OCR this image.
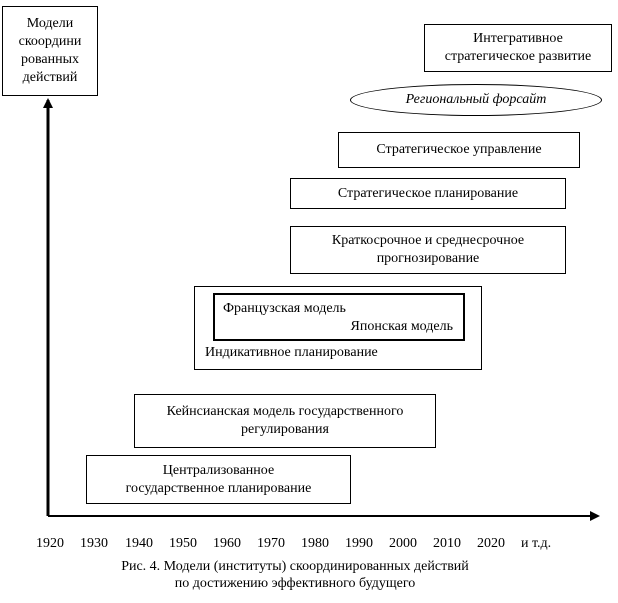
Модели
скоордини
рованных
действий
Интегративное
стратегическое развитие
Региональный форсайт
Стратегическое управление
Стратегическое планирование
Краткосрочное и среднесрочное
прогнозирование
Французская модель
Японская модель
Индикативное планирование
Кейнсианская модель государственного
регулирования
Централизованное
государственное планирование
1920 1930 1940 1950 1960 1970 1980 1990 2000 2010 2020 и т.д.
Рис. 4. Модели (институты) скоординированных действий
по достижению эффективного будущего
